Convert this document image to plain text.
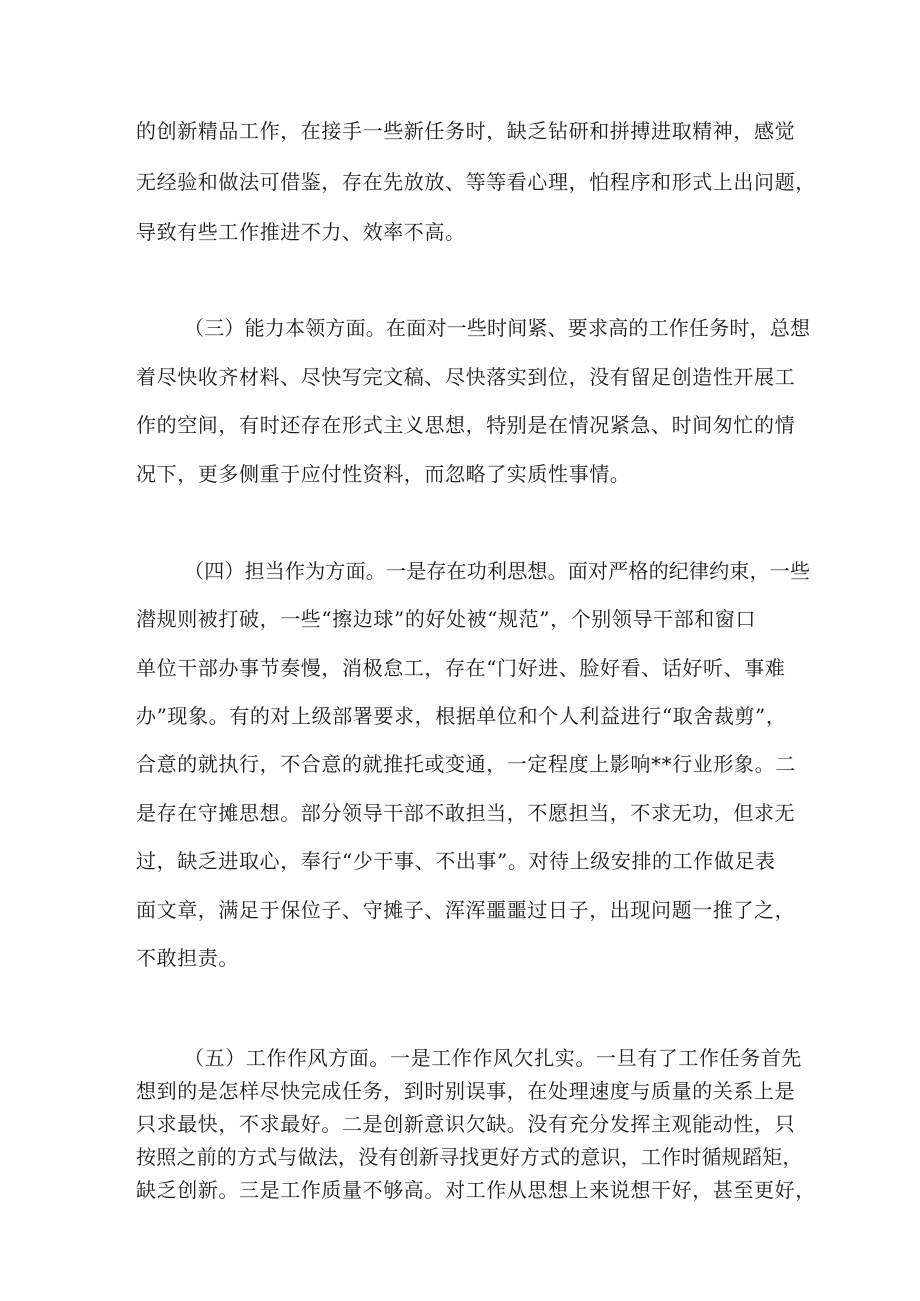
的创新精品工作，在接手一些新任务时，缺乏钻研和拼搏进取精神，感觉
无经验和做法可借鉴，存在先放放、等等看心理，怕程序和形式上出问题，
导致有些工作推进不力、效率不高。
（三）能力本领方面。在面对一些时间紧、要求高的工作任务时，总想
着尽快收齐材料、尽快写完文稿、尽快落实到位，没有留足创造性开展工
作的空间，有时还存在形式主义思想，特别是在情况紧急、时间匆忙的情
况下，更多侧重于应付性资料，而忽略了实质性事情。
（四）担当作为方面。一是存在功利思想。面对严格的纪律约束，一些
潜规则被打破，一些“擦边球”的好处被“规范”，个别领导干部和窗口
单位干部办事节奏慢，消极怠工，存在“门好进、脸好看、话好听、事难
办”现象。有的对上级部署要求，根据单位和个人利益进行“取舍裁剪”，
合意的就执行，不合意的就推托或变通，一定程度上影响**行业形象。二
是存在守摊思想。部分领导干部不敢担当，不愿担当，不求无功，但求无
过，缺乏进取心，奉行“少干事、不出事”。对待上级安排的工作做足表
面文章，满足于保位子、守摊子、浑浑噩噩过日子，出现问题一推了之，
不敢担责。
（五）工作作风方面。一是工作作风欠扎实。一旦有了工作任务首先
想到的是怎样尽快完成任务，到时别误事，在处理速度与质量的关系上是
只求最快，不求最好。二是创新意识欠缺。没有充分发挥主观能动性，只
按照之前的方式与做法，没有创新寻找更好方式的意识，工作时循规蹈矩，
缺乏创新。三是工作质量不够高。对工作从思想上来说想干好，甚至更好，
